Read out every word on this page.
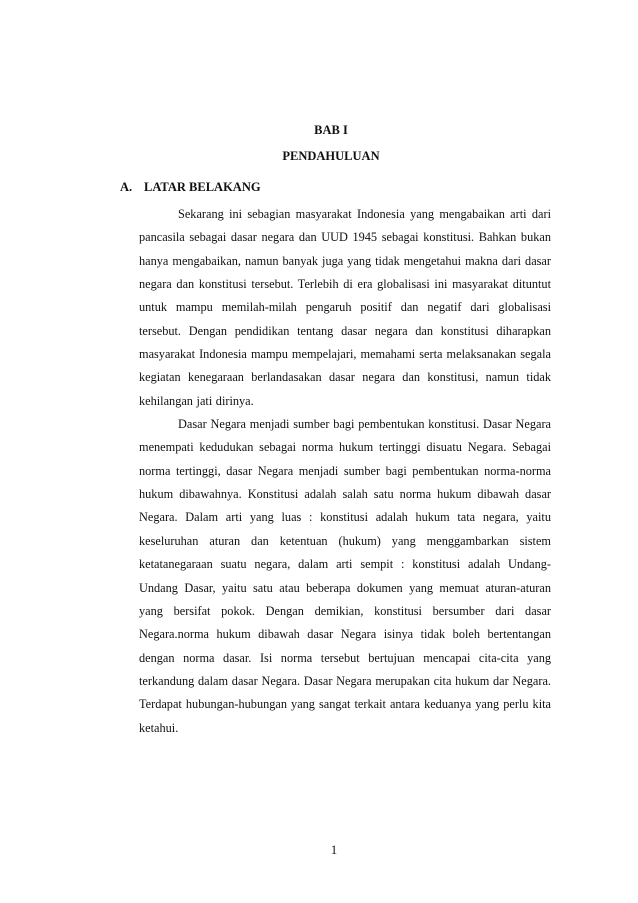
BAB I
PENDAHULUAN
A. LATAR BELAKANG

Sekarang ini sebagian masyarakat Indonesia yang mengabaikan arti dari pancasila sebagai dasar negara dan UUD 1945 sebagai konstitusi. Bahkan bukan hanya mengabaikan, namun banyak juga yang tidak mengetahui makna dari dasar negara dan konstitusi tersebut. Terlebih di era globalisasi ini masyarakat dituntut untuk mampu memilah-milah pengaruh positif dan negatif dari globalisasi tersebut. Dengan pendidikan tentang dasar negara dan konstitusi diharapkan masyarakat Indonesia mampu mempelajari, memahami serta melaksanakan segala kegiatan kenegaraan berlandasakan dasar negara dan konstitusi, namun tidak kehilangan jati dirinya.

Dasar Negara menjadi sumber bagi pembentukan konstitusi. Dasar Negara menempati kedudukan sebagai norma hukum tertinggi disuatu Negara. Sebagai norma tertinggi, dasar Negara menjadi sumber bagi pembentukan norma-norma hukum dibawahnya. Konstitusi adalah salah satu norma hukum dibawah dasar Negara. Dalam arti yang luas : konstitusi adalah hukum tata negara, yaitu keseluruhan aturan dan ketentuan (hukum) yang menggambarkan sistem ketatanegaraan suatu negara, dalam arti sempit : konstitusi adalah Undang-Undang Dasar, yaitu satu atau beberapa dokumen yang memuat aturan-aturan yang bersifat pokok. Dengan demikian, konstitusi bersumber dari dasar Negara.norma hukum dibawah dasar Negara isinya tidak boleh bertentangan dengan norma dasar. Isi norma tersebut bertujuan mencapai cita-cita yang terkandung dalam dasar Negara. Dasar Negara merupakan cita hukum dar Negara. Terdapat hubungan-hubungan yang sangat terkait antara keduanya yang perlu kita ketahui.

1
